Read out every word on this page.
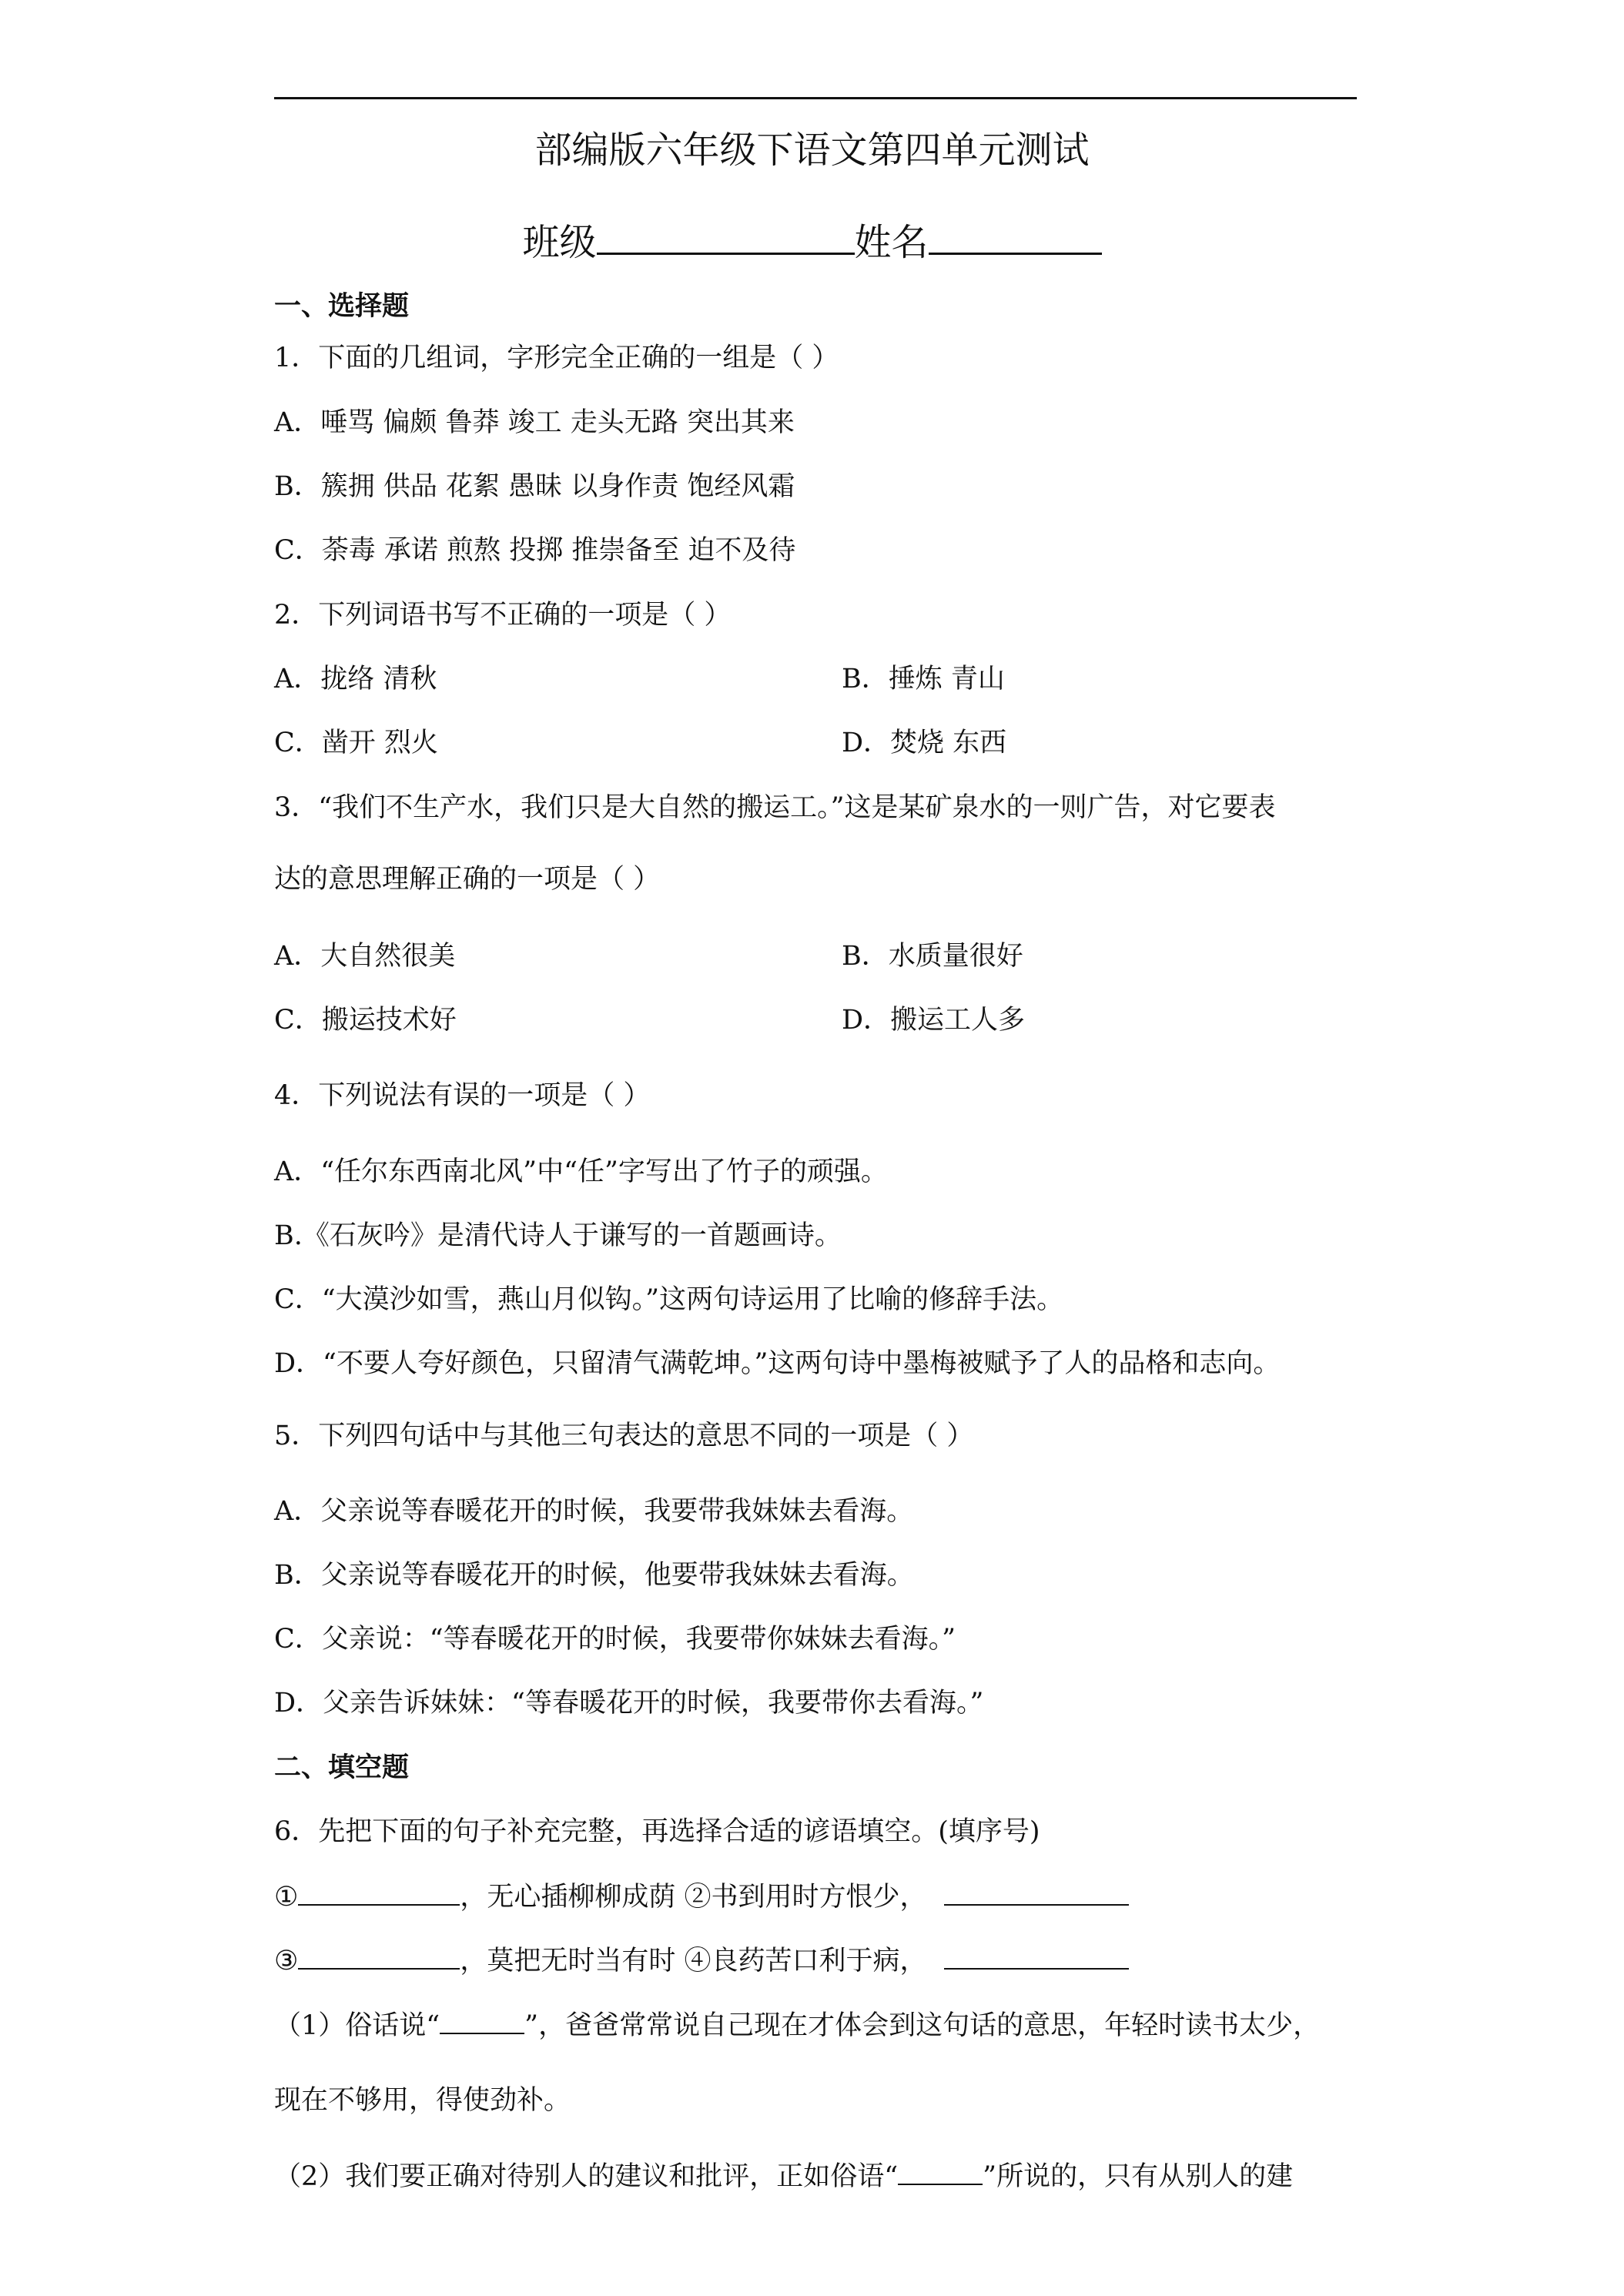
部编版六年级下语文第四单元测试
班级	姓名
一、选择题
1．下面的几组词，字形完全正确的一组是（ ）
A．唾骂 偏颇 鲁莽 竣工 走头无路 突出其来
B．簇拥 供品 花絮 愚昧 以身作责 饱经风霜
C．荼毒 承诺 煎熬 投掷 推崇备至 迫不及待
2．下列词语书写不正确的一项是（ ）
A．拢络 清秋	B．捶炼 青山
C．凿开 烈火	D．焚烧 东西
3．“我们不生产水，我们只是大自然的搬运工。”这是某矿泉水的一则广告，对它要表
达的意思理解正确的一项是（ ）
A．大自然很美	B．水质量很好
C．搬运技术好	D．搬运工人多
4．下列说法有误的一项是（ ）
A．“任尔东西南北风”中“任”字写出了竹子的顽强。
B.《石灰吟》是清代诗人于谦写的一首题画诗。
C．“大漠沙如雪，燕山月似钩。”这两句诗运用了比喻的修辞手法。
D．“不要人夸好颜色，只留清气满乾坤。”这两句诗中墨梅被赋予了人的品格和志向。
5．下列四句话中与其他三句表达的意思不同的一项是（ ）
A．父亲说等春暖花开的时候，我要带我妹妹去看海。
B．父亲说等春暖花开的时候，他要带我妹妹去看海。
C．父亲说：“等春暖花开的时候，我要带你妹妹去看海。”
D．父亲告诉妹妹：“等春暖花开的时候，我要带你去看海。”
二、填空题
6．先把下面的句子补充完整，再选择合适的谚语填空。(填序号)
①	，无心插柳柳成荫 ②书到用时方恨少，
③	，莫把无时当有时 ④良药苦口利于病，
（1）俗话说“	”，爸爸常常说自己现在才体会到这句话的意思，年轻时读书太少，
现在不够用，得使劲补。
（2）我们要正确对待别人的建议和批评，正如俗语“	”所说的，只有从别人的建
